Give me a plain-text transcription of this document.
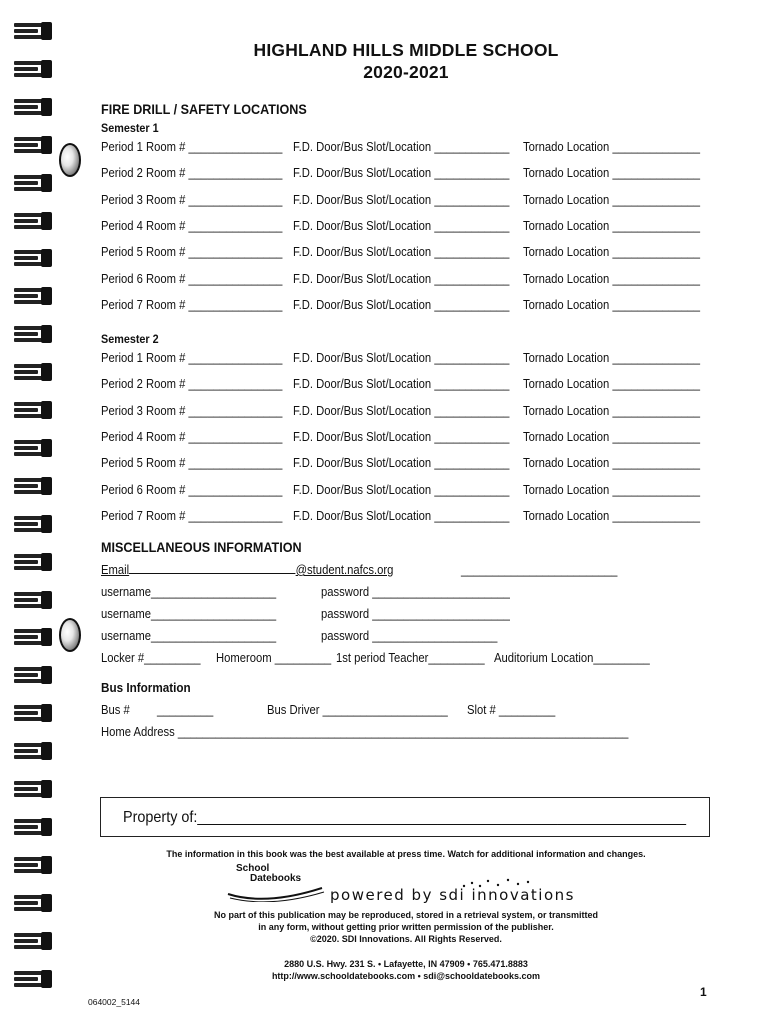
HIGHLAND HILLS MIDDLE SCHOOL
2020-2021
FIRE DRILL / SAFETY LOCATIONS
Semester 1
Period 1 Room # _______________ F.D. Door/Bus Slot/Location ____________ Tornado Location ______________
Period 2 Room # _______________ F.D. Door/Bus Slot/Location ____________ Tornado Location ______________
Period 3 Room # _______________ F.D. Door/Bus Slot/Location ____________ Tornado Location ______________
Period 4 Room # _______________ F.D. Door/Bus Slot/Location ____________ Tornado Location ______________
Period 5 Room # _______________ F.D. Door/Bus Slot/Location ____________ Tornado Location ______________
Period 6 Room # _______________ F.D. Door/Bus Slot/Location ____________ Tornado Location ______________
Period 7 Room # _______________ F.D. Door/Bus Slot/Location ____________ Tornado Location ______________
Semester 2
Period 1 Room # _______________ F.D. Door/Bus Slot/Location ____________ Tornado Location ______________
Period 2 Room # _______________ F.D. Door/Bus Slot/Location ____________ Tornado Location ______________
Period 3 Room # _______________ F.D. Door/Bus Slot/Location ____________ Tornado Location ______________
Period 4 Room # _______________ F.D. Door/Bus Slot/Location ____________ Tornado Location ______________
Period 5 Room # _______________ F.D. Door/Bus Slot/Location ____________ Tornado Location ______________
Period 6 Room # _______________ F.D. Door/Bus Slot/Location ____________ Tornado Location ______________
Period 7 Room # _______________ F.D. Door/Bus Slot/Location ____________ Tornado Location ______________
MISCELLANEOUS INFORMATION
Email	@student.nafcs.org	_________________________
username____________________	password ______________________
username____________________	password ______________________
username____________________	password ____________________
Locker #_________ Homeroom _________ 1st period Teacher_________ Auditorium Location_________
Bus Information
Bus # _________	Bus Driver ____________________ Slot # _________
Home Address ________________________________________________________________________
Property of:_____________________________________________________________
The information in this book was the best available at press time. Watch for additional information and changes.
School
Datebooks
powered by sdi innovations
No part of this publication may be reproduced, stored in a retrieval system, or transmitted
in any form, without getting prior written permission of the publisher.
©2020. SDI Innovations. All Rights Reserved.
2880 U.S. Hwy. 231 S. • Lafayette, IN 47909 • 765.471.8883
http://www.schooldatebooks.com • sdi@schooldatebooks.com
064002_5144
1
